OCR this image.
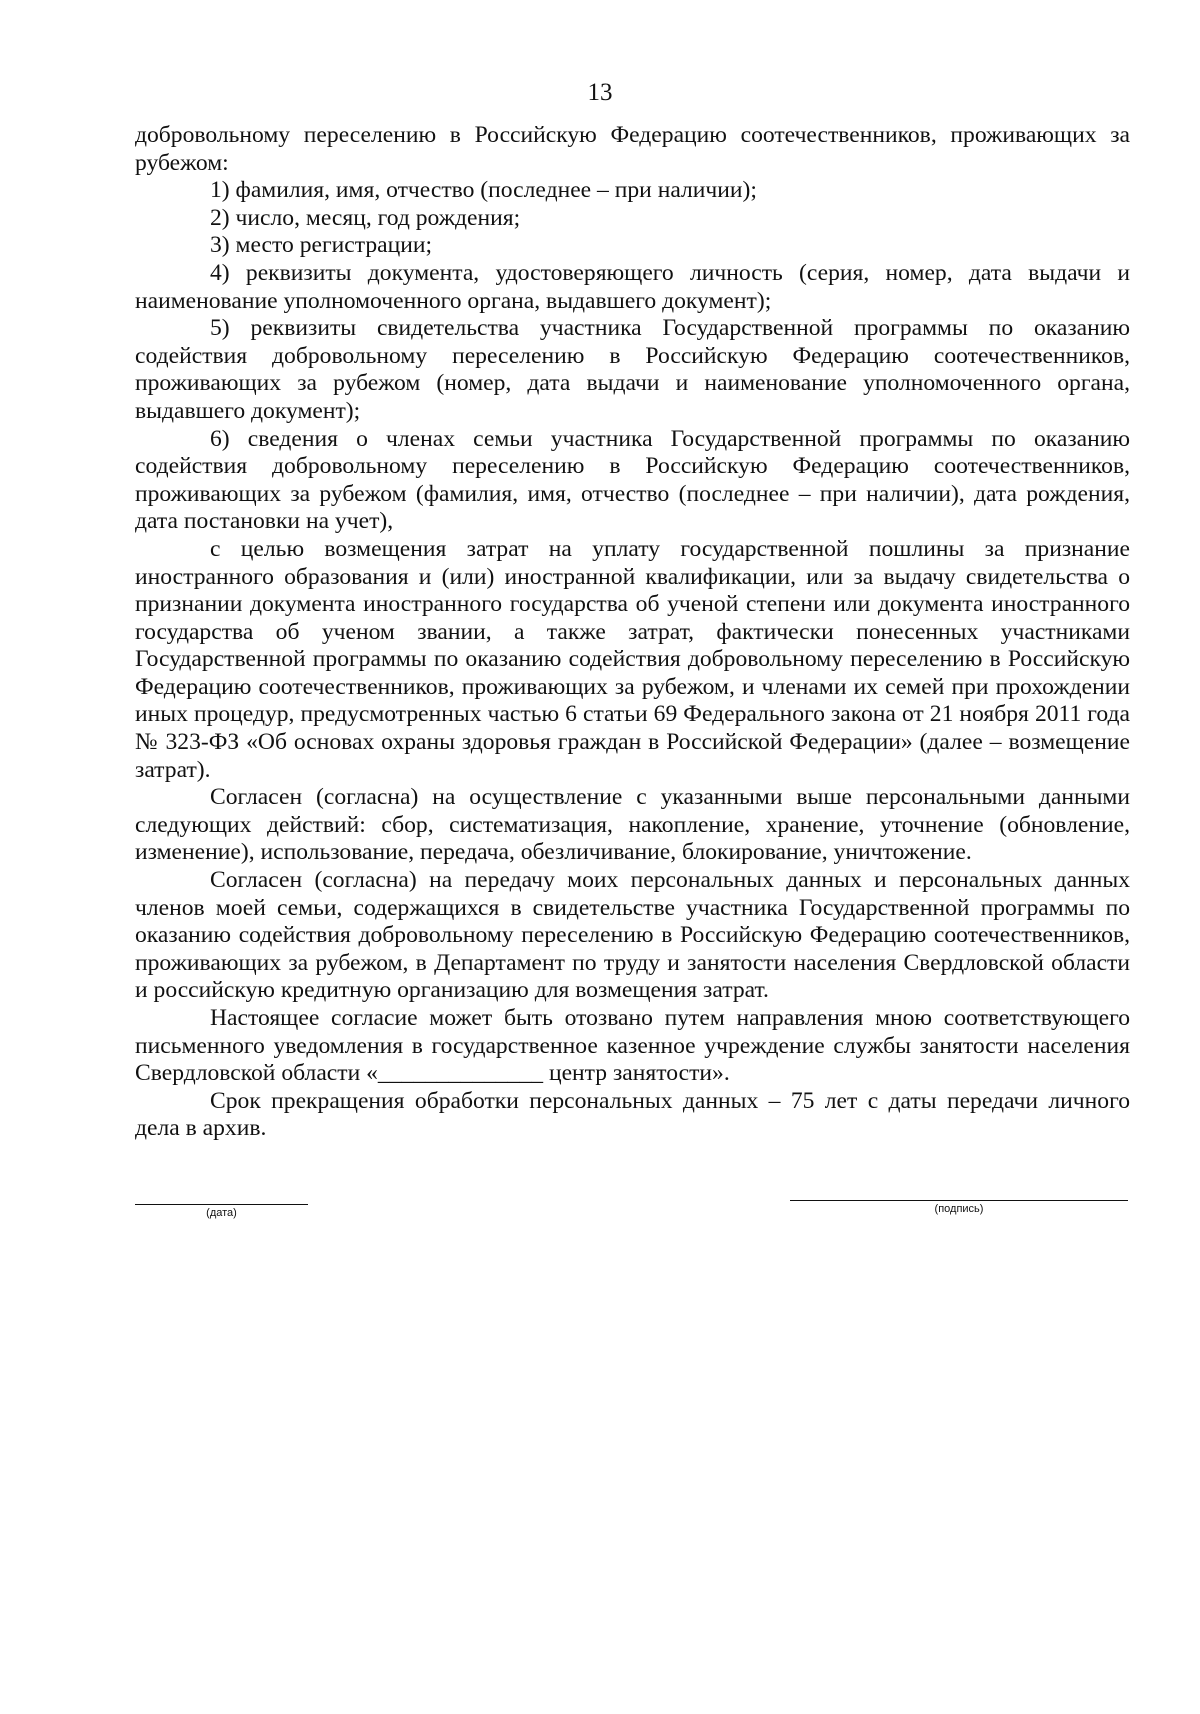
13

добровольному переселению в Российскую Федерацию соотечественников, проживающих за рубежом:

1) фамилия, имя, отчество (последнее – при наличии);

2) число, месяц, год рождения;

3) место регистрации;

4) реквизиты документа, удостоверяющего личность (серия, номер, дата выдачи и наименование уполномоченного органа, выдавшего документ);

5) реквизиты свидетельства участника Государственной программы по оказанию содействия добровольному переселению в Российскую Федерацию соотечественников, проживающих за рубежом (номер, дата выдачи и наименование уполномоченного органа, выдавшего документ);

6) сведения о членах семьи участника Государственной программы по оказанию содействия добровольному переселению в Российскую Федерацию соотечественников, проживающих за рубежом (фамилия, имя, отчество (последнее – при наличии), дата рождения, дата постановки на учет),

с целью возмещения затрат на уплату государственной пошлины за признание иностранного образования и (или) иностранной квалификации, или за выдачу свидетельства о признании документа иностранного государства об ученой степени или документа иностранного государства об ученом звании, а также затрат, фактически понесенных участниками Государственной программы по оказанию содействия добровольному переселению в Российскую Федерацию соотечественников, проживающих за рубежом, и членами их семей при прохождении иных процедур, предусмотренных частью 6 статьи 69 Федерального закона от 21 ноября 2011 года № 323-ФЗ «Об основах охраны здоровья граждан в Российской Федерации» (далее – возмещение затрат).

Согласен (согласна) на осуществление с указанными выше персональными данными следующих действий: сбор, систематизация, накопление, хранение, уточнение (обновление, изменение), использование, передача, обезличивание, блокирование, уничтожение.

Согласен (согласна) на передачу моих персональных данных и персональных данных членов моей семьи, содержащихся в свидетельстве участника Государственной программы по оказанию содействия добровольному переселению в Российскую Федерацию соотечественников, проживающих за рубежом, в Департамент по труду и занятости населения Свердловской области и российскую кредитную организацию для возмещения затрат.

Настоящее согласие может быть отозвано путем направления мною соответствующего письменного уведомления в государственное казенное учреждение службы занятости населения Свердловской области «______________ центр занятости».

Срок прекращения обработки персональных данных – 75 лет с даты передачи личного дела в архив.

(дата)	(подпись)
